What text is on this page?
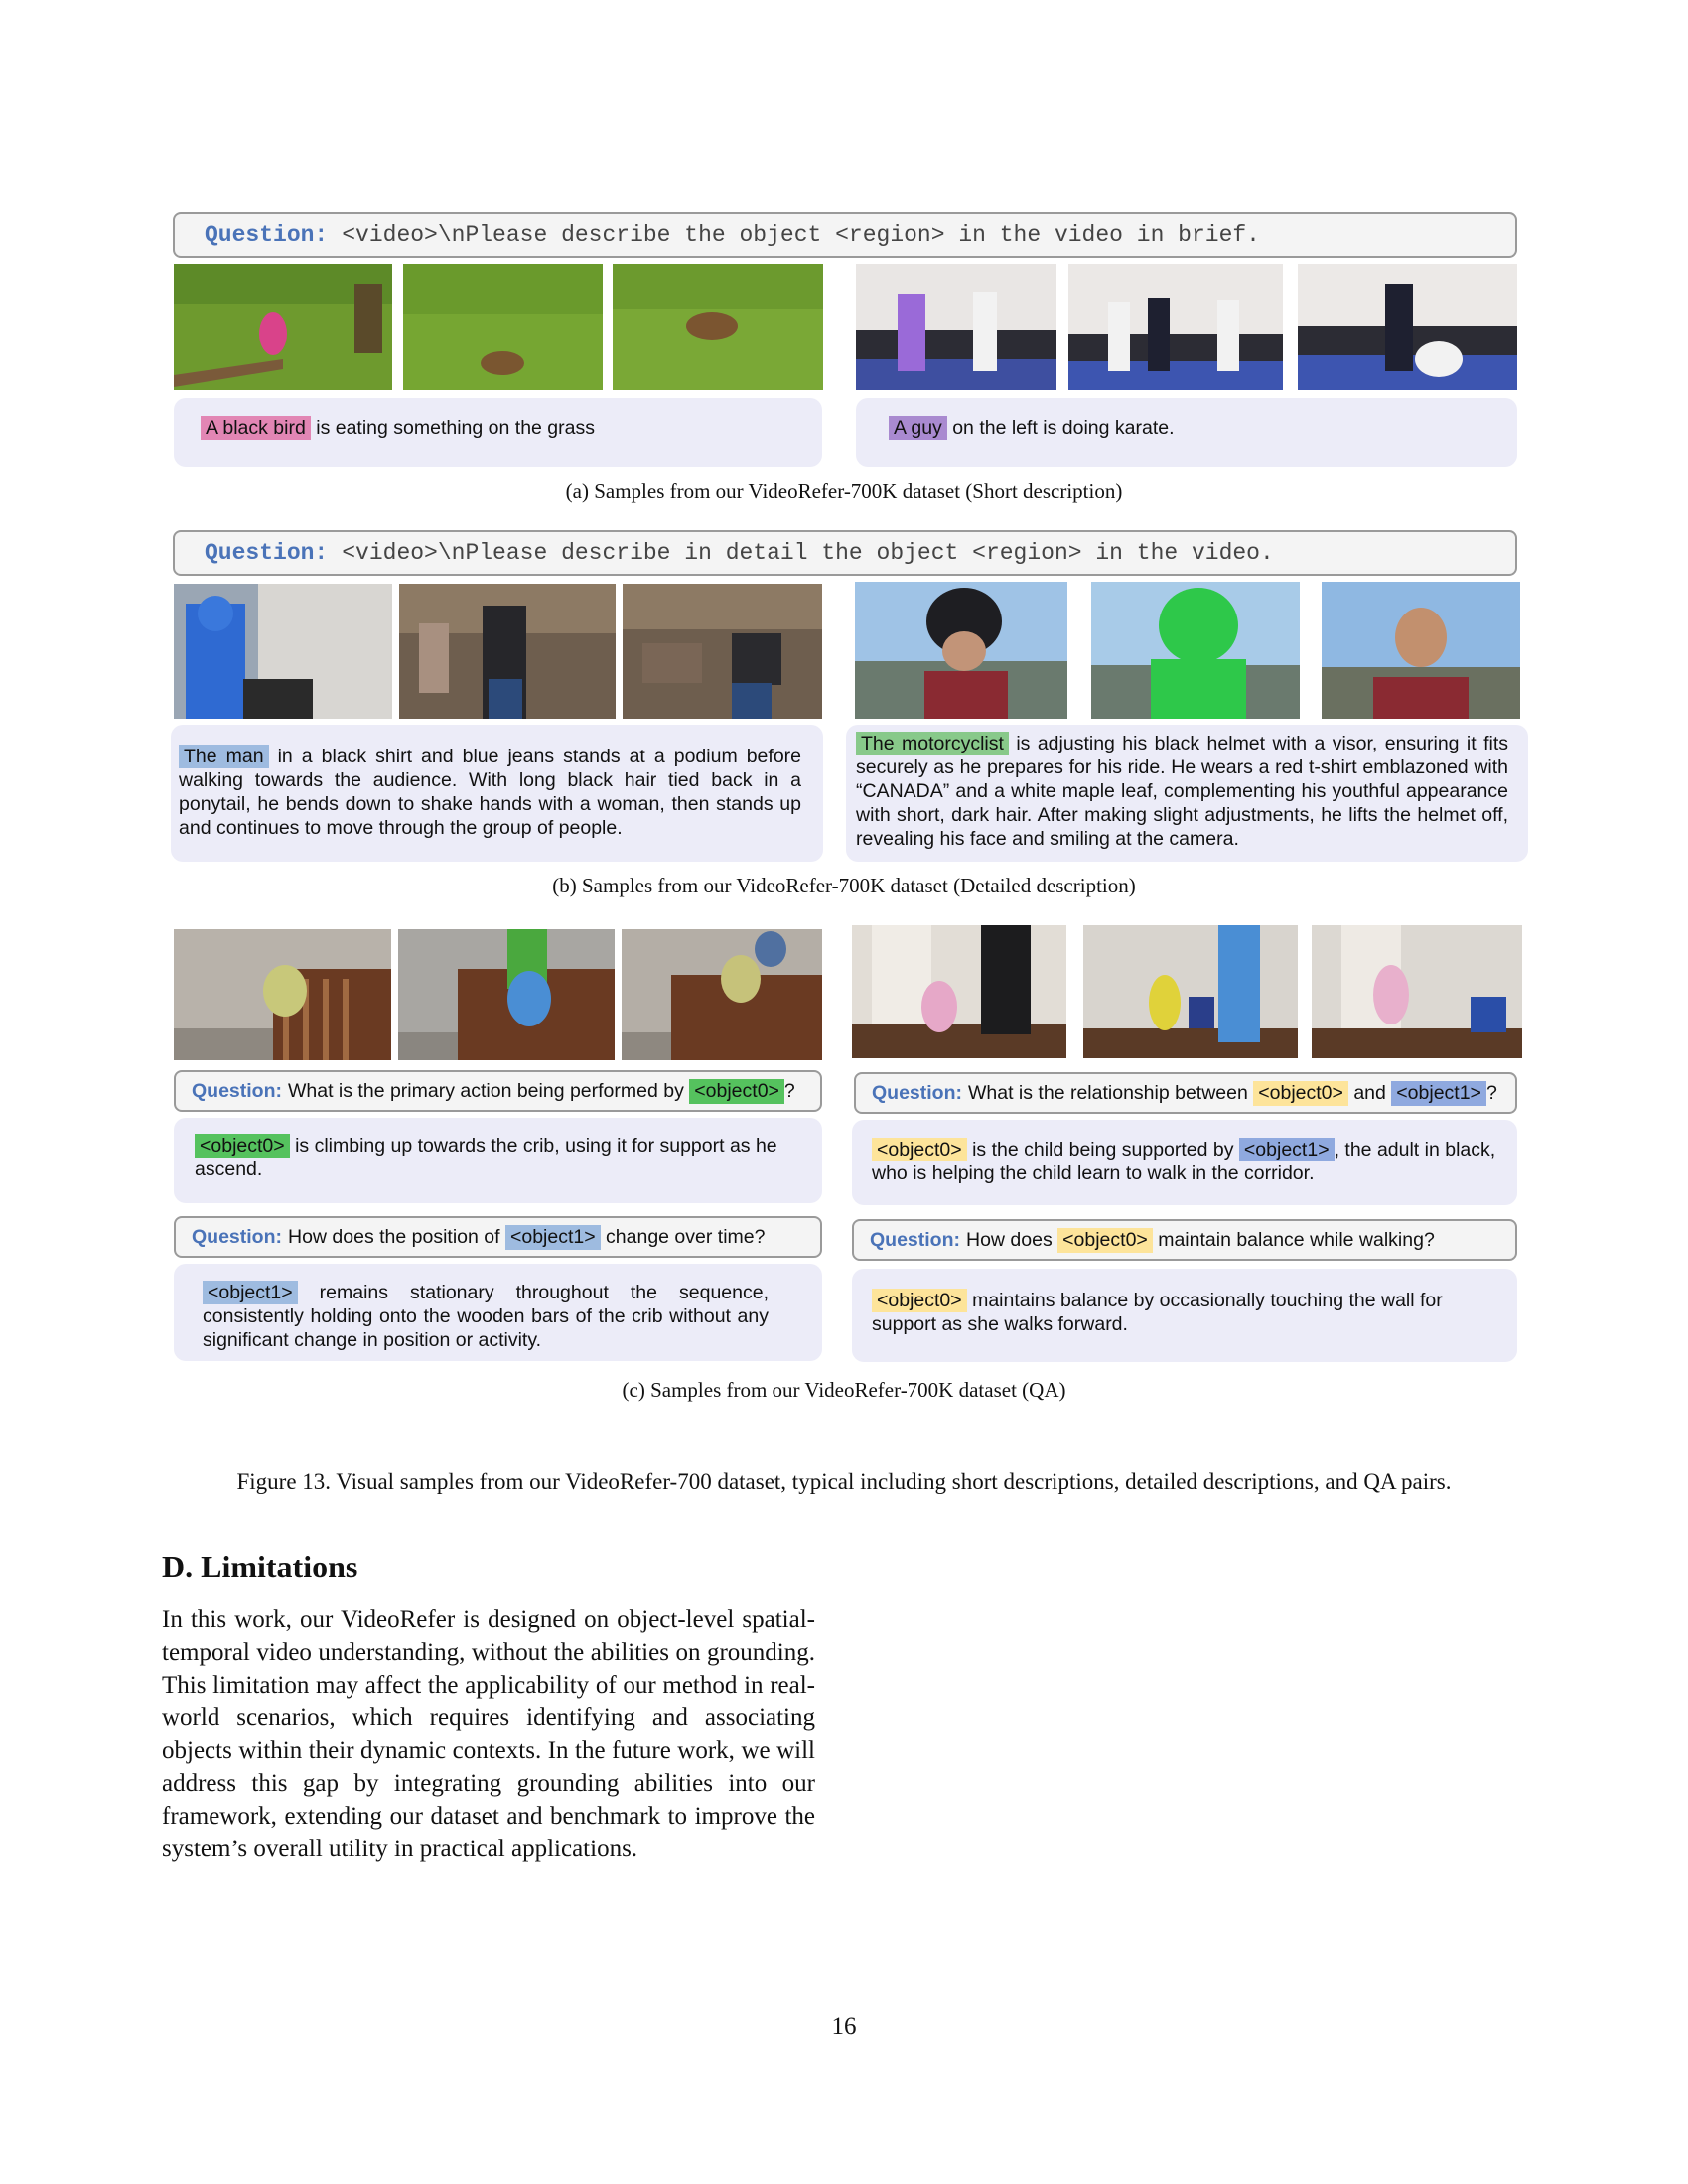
Question: <video>\nPlease describe the object <region> in the video in brief.
A black bird is eating something on the grass	A guy on the left is doing karate.
(a) Samples from our VideoRefer-700K dataset (Short description)
Question: <video>\nPlease describe in detail the object <region> in the video.
The man in a black shirt and blue jeans stands at a podium before walking towards the audience. With long black hair tied back in a ponytail, he bends down to shake hands with a woman, then stands up and continues to move through the group of people.
The motorcyclist is adjusting his black helmet with a visor, ensuring it fits securely as he prepares for his ride. He wears a red t-shirt emblazoned with “CANADA” and a white maple leaf, complementing his youthful appearance with short, dark hair. After making slight adjustments, he lifts the helmet off, revealing his face and smiling at the camera.
(b) Samples from our VideoRefer-700K dataset (Detailed description)
Question: What is the primary action being performed by <object0> ?
<object0> is climbing up towards the crib, using it for support as he ascend.
Question: How does the position of <object1> change over time?
<object1> remains stationary throughout the sequence, consistently holding onto the wooden bars of the crib without any significant change in position or activity.
Question: What is the relationship between <object0> and <object1> ?
<object0> is the child being supported by <object1> , the adult in black, who is helping the child learn to walk in the corridor.
Question: How does <object0> maintain balance while walking?
<object0> maintains balance by occasionally touching the wall for support as she walks forward.
(c) Samples from our VideoRefer-700K dataset (QA)
Figure 13. Visual samples from our VideoRefer-700 dataset, typical including short descriptions, detailed descriptions, and QA pairs.
D. Limitations
In this work, our VideoRefer is designed on object-level spatial-temporal video understanding, without the abilities on grounding. This limitation may affect the applicability of our method in real-world scenarios, which requires identifying and associating objects within their dynamic contexts. In the future work, we will address this gap by integrating grounding abilities into our framework, extending our dataset and benchmark to improve the system’s overall utility in practical applications.
16
